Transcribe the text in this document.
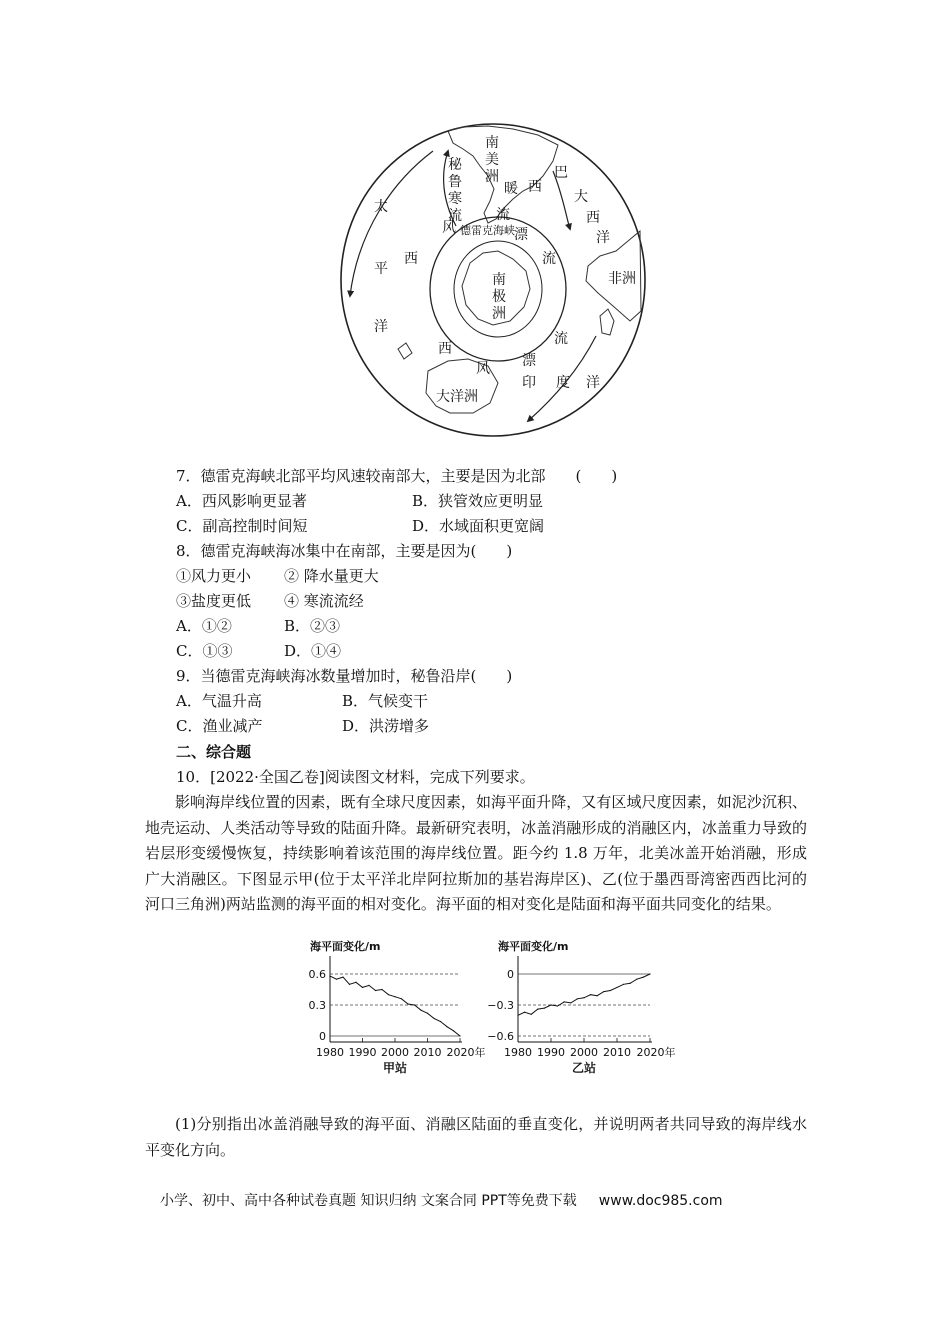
南
美
洲
秘
鲁
寒
流
风
太
平
洋
西
暖
流
德雷克海峡 漂
巴
西
大
西
洋
非洲
南
极
洲
流
流
西
风 漂
大洋洲
印 度 洋
7．德雷克海峡北部平均风速较南部大，主要是因为北部　　(　　)
A．西风影响更显著	B．狭管效应更明显
C．副高控制时间短	D．水域面积更宽阔
8．德雷克海峡海冰集中在南部，主要是因为(　　)
①风力更小 ② 降水量更大
③盐度更低 ④ 寒流流经
A．①②	B．②③
C．①③	D．①④
9．当德雷克海峡海冰数量增加时，秘鲁沿岸(　　)
A．气温升高	B．气候变干
C．渔业减产	D．洪涝增多
二、综合题
10．[2022·全国乙卷]阅读图文材料，完成下列要求。
影响海岸线位置的因素，既有全球尺度因素，如海平面升降，又有区域尺度因素，如泥沙沉积、地壳运动、人类活动等导致的陆面升降。最新研究表明，冰盖消融形成的消融区内，冰盖重力导致的岩层形变缓慢恢复，持续影响着该范围的海岸线位置。距今约 1.8 万年，北美冰盖开始消融，形成广大消融区。下图显示甲(位于太平洋北岸阿拉斯加的基岩海岸区)、乙(位于墨西哥湾密西西比河的河口三角洲)两站监测的海平面的相对变化。海平面的相对变化是陆面和海平面共同变化的结果。
海平面变化/m
0.6
0.3
0
1980 1990 2000 2010 2020年
甲站
海平面变化/m
0
−0.3
−0.6
1980 1990 2000 2010 2020年
乙站
(1)分别指出冰盖消融导致的海平面、消融区陆面的垂直变化，并说明两者共同导致的海岸线水平变化方向。
小学、初中、高中各种试卷真题 知识归纳 文案合同 PPT等免费下载 www.doc985.com
